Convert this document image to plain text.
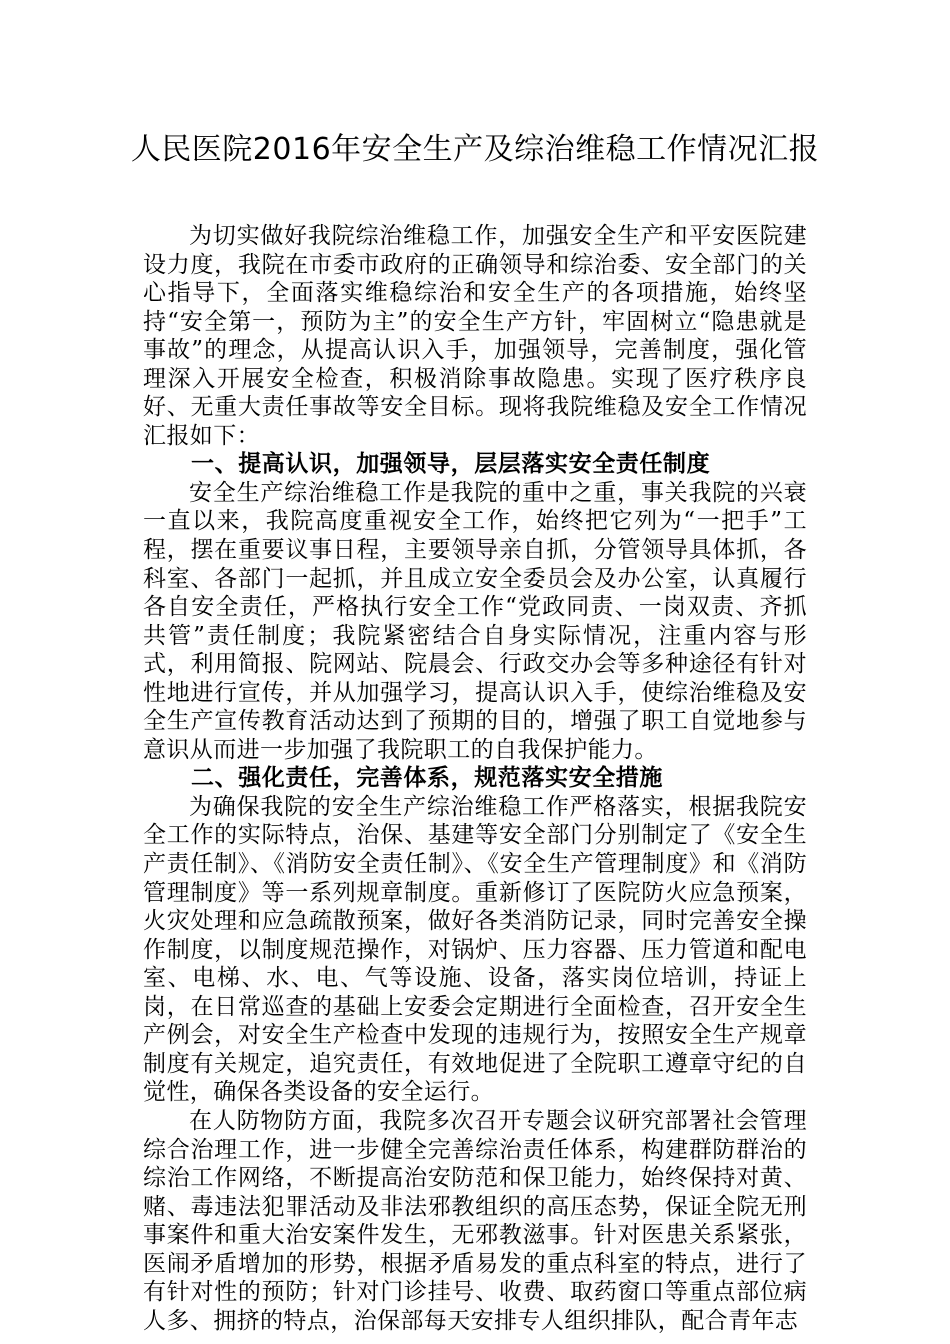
人民医院2016年安全生产及综治维稳工作情况汇报

为切实做好我院综治维稳工作，加强安全生产和平安医院建设力度，我院在市委市政府的正确领导和综治委、安全部门的关心指导下，全面落实维稳综治和安全生产的各项措施，始终坚持“安全第一，预防为主”的安全生产方针，牢固树立“隐患就是事故”的理念，从提高认识入手，加强领导，完善制度，强化管理深入开展安全检查，积极消除事故隐患。实现了医疗秩序良好、无重大责任事故等安全目标。现将我院维稳及安全工作情况汇报如下：

一、提高认识，加强领导，层层落实安全责任制度

安全生产综治维稳工作是我院的重中之重，事关我院的兴衰一直以来，我院高度重视安全工作，始终把它列为“一把手”工程，摆在重要议事日程，主要领导亲自抓，分管领导具体抓，各科室、各部门一起抓，并且成立安全委员会及办公室，认真履行各自安全责任，严格执行安全工作“党政同责、一岗双责、齐抓共管”责任制度；我院紧密结合自身实际情况，注重内容与形式，利用简报、院网站、院晨会、行政交办会等多种途径有针对性地进行宣传，并从加强学习，提高认识入手，使综治维稳及安全生产宣传教育活动达到了预期的目的，增强了职工自觉地参与意识从而进一步加强了我院职工的自我保护能力。

二、强化责任，完善体系，规范落实安全措施

为确保我院的安全生产综治维稳工作严格落实，根据我院安全工作的实际特点，治保、基建等安全部门分别制定了《安全生产责任制》、《消防安全责任制》、《安全生产管理制度》和《消防管理制度》等一系列规章制度。重新修订了医院防火应急预案，火灾处理和应急疏散预案，做好各类消防记录，同时完善安全操作制度，以制度规范操作，对锅炉、压力容器、压力管道和配电室、电梯、水、电、气等设施、设备，落实岗位培训，持证上岗，在日常巡查的基础上安委会定期进行全面检查，召开安全生产例会，对安全生产检查中发现的违规行为，按照安全生产规章制度有关规定，追究责任，有效地促进了全院职工遵章守纪的自觉性，确保各类设备的安全运行。

在人防物防方面，我院多次召开专题会议研究部署社会管理综合治理工作，进一步健全完善综治责任体系，构建群防群治的综治工作网络，不断提高治安防范和保卫能力，始终保持对黄、赌、毒违法犯罪活动及非法邪教组织的高压态势，保证全院无刑事案件和重大治安案件发生，无邪教滋事。针对医患关系紧张，医闹矛盾增加的形势，根据矛盾易发的重点科室的特点，进行了有针对性的预防；针对门诊挂号、收费、取药窗口等重点部位病人多、拥挤的特点，治保部每天安排专人组织排队，配合青年志
